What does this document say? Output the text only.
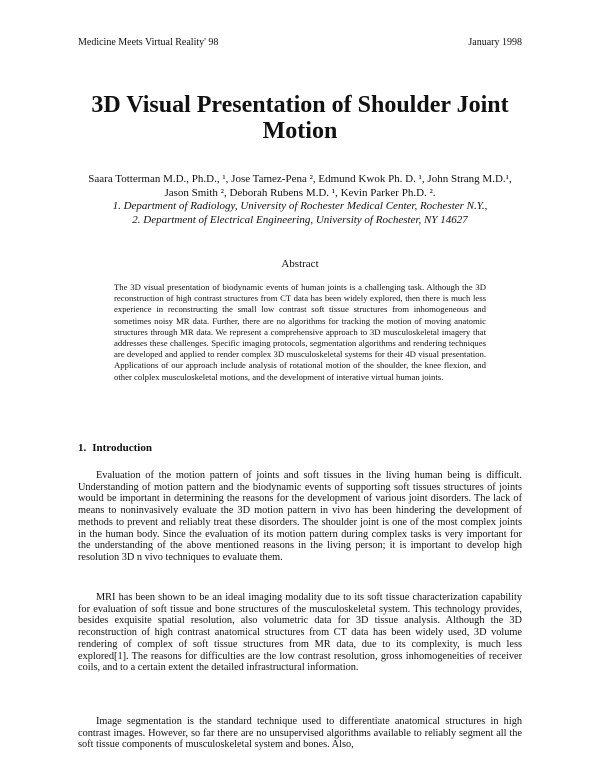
Medicine Meets Virtual Reality' 98	January 1998
3D Visual Presentation of Shoulder Joint Motion
Saara Totterman M.D., Ph.D., ¹, Jose Tamez-Pena ², Edmund Kwok Ph. D. ¹, John Strang M.D.¹, Jason Smith ², Deborah Rubens M.D. ¹, Kevin Parker Ph.D. ².
1. Department of Radiology, University of Rochester Medical Center, Rochester N.Y.,
2. Department of Electrical Engineering, University of Rochester, NY 14627
Abstract
The 3D visual presentation of biodynamic events of human joints is a challenging task. Although the 3D reconstruction of high contrast structures from CT data has been widely explored, then there is much less experience in reconstructing the small low contrast soft tissue structures from inhomogeneous and sometimes noisy MR data. Further, there are no algorithms for tracking the motion of moving anatomic structures through MR data. We represent a comprehensive approach to 3D musculoskeletal imagery that addresses these challenges. Specific imaging protocols, segmentation algorithms and rendering techniques are developed and applied to render complex 3D musculoskeletal systems for their 4D visual presentation. Applications of our approach include analysis of rotational motion of the shoulder, the knee flexion, and other colplex musculoskeletal motions, and the development of interative virtual human joints.
1. Introduction
Evaluation of the motion pattern of joints and soft tissues in the living human being is difficult. Understanding of motion pattern and the biodynamic events of supporting soft tissues structures of joints would be important in determining the reasons for the development of various joint disorders. The lack of means to noninvasively evaluate the 3D motion pattern in vivo has been hindering the development of methods to prevent and reliably treat these disorders. The shoulder joint is one of the most complex joints in the human body. Since the evaluation of its motion pattern during complex tasks is very important for the understanding of the above mentioned reasons in the living person; it is important to develop high resolution 3D n vivo techniques to evaluate them.
MRI has been shown to be an ideal imaging modality due to its soft tissue characterization capability for evaluation of soft tissue and bone structures of the musculoskeletal system. This technology provides, besides exquisite spatial resolution, also volumetric data for 3D tissue analysis. Although the 3D reconstruction of high contrast anatomical structures from CT data has been widely used, 3D volume rendering of complex of soft tissue structures from MR data, due to its complexity, is much less explored[1]. The reasons for difficulties are the low contrast resolution, gross inhomogeneities of receiver coils, and to a certain extent the detailed infrastructural information.
Image segmentation is the standard technique used to differentiate anatomical structures in high contrast images. However, so far there are no unsupervised algorithms available to reliably segment all the soft tissue components of musculoskeletal system and bones. Also,
